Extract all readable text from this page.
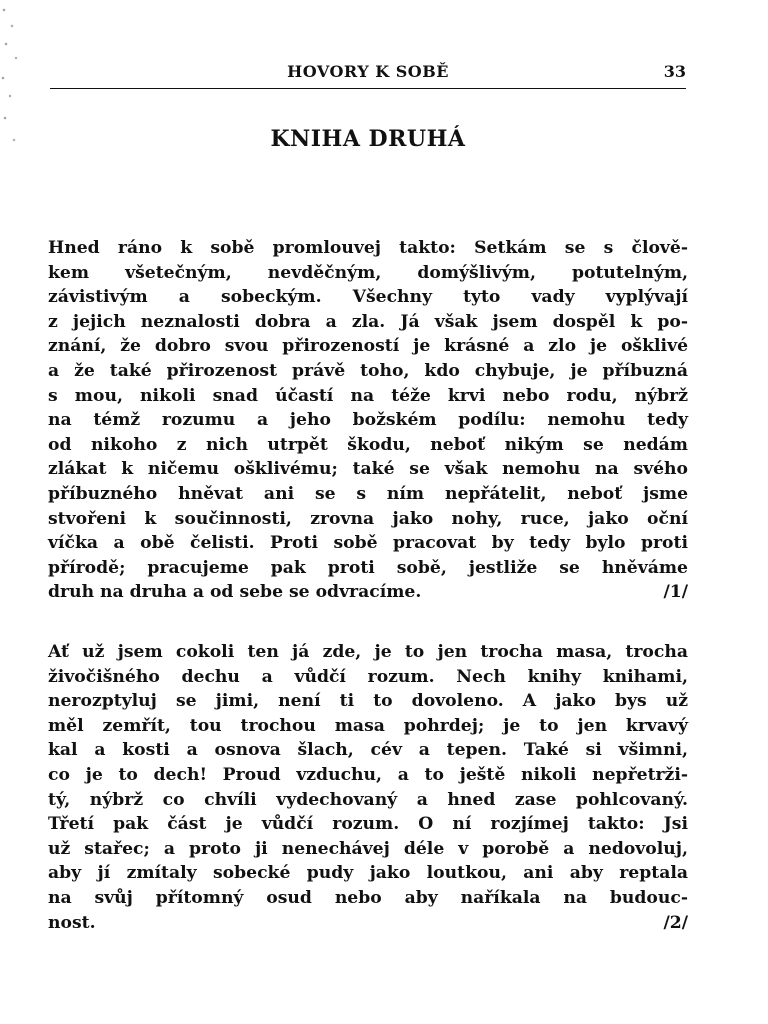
HOVORY K SOBĚ	33
KNIHA DRUHÁ
Hned ráno k sobě promlouvej takto: Setkám se s člově-
kem všetečným, nevděčným, domýšlivým, potutelným,
závistivým a sobeckým. Všechny tyto vady vyplývají
z jejich neznalosti dobra a zla. Já však jsem dospěl k po-
znání, že dobro svou přirozeností je krásné a zlo je ošklivé
a že také přirozenost právě toho, kdo chybuje, je příbuzná
s mou, nikoli snad účastí na téže krvi nebo rodu, nýbrž
na témž rozumu a jeho božském podílu: nemohu tedy
od nikoho z nich utrpět škodu, neboť nikým se nedám
zlákat k ničemu ošklivému; také se však nemohu na svého
příbuzného hněvat ani se s ním nepřátelit, neboť jsme
stvořeni k součinnosti, zrovna jako nohy, ruce, jako oční
víčka a obě čelisti. Proti sobě pracovat by tedy bylo proti
přírodě; pracujeme pak proti sobě, jestliže se hněváme
druh na druha a od sebe se odvracíme.	/1/
Ať už jsem cokoli ten já zde, je to jen trocha masa, trocha
živočišného dechu a vůdčí rozum. Nech knihy knihami,
nerozptyluj se jimi, není ti to dovoleno. A jako bys už
měl zemřít, tou trochou masa pohrdej; je to jen krvavý
kal a kosti a osnova šlach, cév a tepen. Také si všimni,
co je to dech! Proud vzduchu, a to ještě nikoli nepřetrži-
tý, nýbrž co chvíli vydechovaný a hned zase pohlcovaný.
Třetí pak část je vůdčí rozum. O ní rozjímej takto: Jsi
už stařec; a proto ji nenechávej déle v porobě a nedovoluj,
aby jí zmítaly sobecké pudy jako loutkou, ani aby reptala
na svůj přítomný osud nebo aby naříkala na budouc-
nost.	/2/
